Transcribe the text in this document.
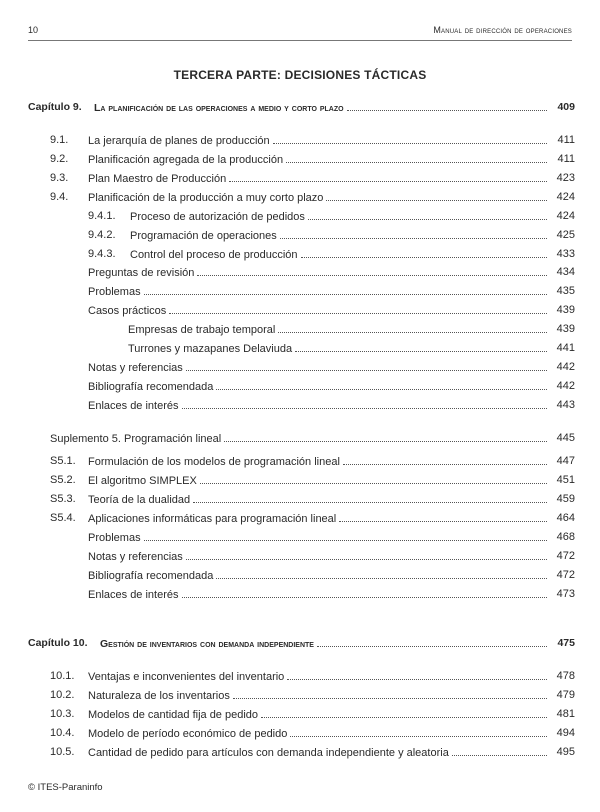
10	Manual de dirección de operaciones
TERCERA PARTE: DECISIONES TÁCTICAS
Capítulo 9. La planificación de las operaciones a medio y corto plazo	409
9.1. La jerarquía de planes de producción	411
9.2. Planificación agregada de la producción	411
9.3. Plan Maestro de Producción	423
9.4. Planificación de la producción a muy corto plazo	424
9.4.1. Proceso de autorización de pedidos	424
9.4.2. Programación de operaciones	425
9.4.3. Control del proceso de producción	433
Preguntas de revisión	434
Problemas	435
Casos prácticos	439
Empresas de trabajo temporal	439
Turrones y mazapanes Delaviuda	441
Notas y referencias	442
Bibliografía recomendada	442
Enlaces de interés	443
Suplemento 5. Programación lineal	445
S5.1. Formulación de los modelos de programación lineal	447
S5.2. El algoritmo SIMPLEX	451
S5.3. Teoría de la dualidad	459
S5.4. Aplicaciones informáticas para programación lineal	464
Problemas	468
Notas y referencias	472
Bibliografía recomendada	472
Enlaces de interés	473
Capítulo 10. Gestión de inventarios con demanda independiente	475
10.1. Ventajas e inconvenientes del inventario	478
10.2. Naturaleza de los inventarios	479
10.3. Modelos de cantidad fija de pedido	481
10.4. Modelo de período económico de pedido	494
10.5. Cantidad de pedido para artículos con demanda independiente y aleatoria	495
© ITES-Paraninfo
